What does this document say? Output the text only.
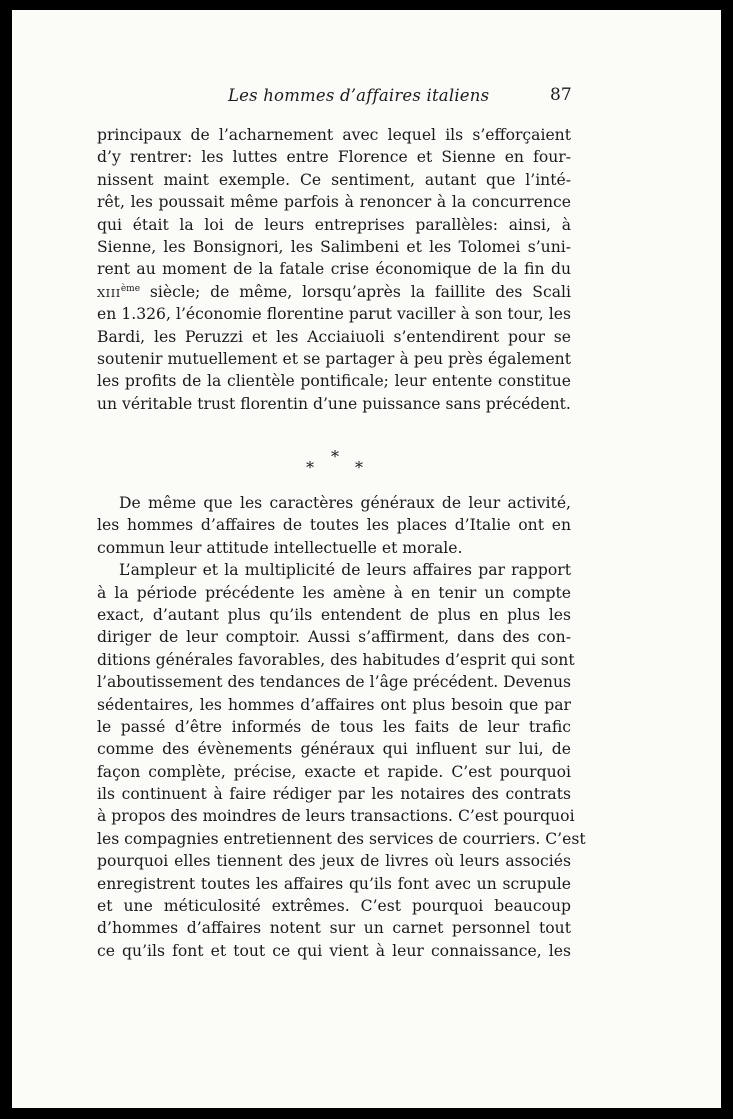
Les hommes d’affaires italiens	87
principaux de l’acharnement avec lequel ils s’efforçaient
d’y rentrer: les luttes entre Florence et Sienne en four-
nissent maint exemple. Ce sentiment, autant que l’inté-
rêt, les poussait même parfois à renoncer à la concurrence
qui était la loi de leurs entreprises parallèles: ainsi, à
Sienne, les Bonsignori, les Salimbeni et les Tolomei s’uni-
rent au moment de la fatale crise économique de la fin du
XIIIème siècle; de même, lorsqu’après la faillite des Scali
en 1.326, l’économie florentine parut vaciller à son tour, les
Bardi, les Peruzzi et les Acciaiuoli s’entendirent pour se
soutenir mutuellement et se partager à peu près également
les profits de la clientèle pontificale; leur entente constitue
un véritable trust florentin d’une puissance sans précédent.
*
*	*
De même que les caractères généraux de leur activité,
les hommes d’affaires de toutes les places d’Italie ont en
commun leur attitude intellectuelle et morale.
L’ampleur et la multiplicité de leurs affaires par rapport
à la période précédente les amène à en tenir un compte
exact, d’autant plus qu’ils entendent de plus en plus les
diriger de leur comptoir. Aussi s’affirment, dans des con-
ditions générales favorables, des habitudes d’esprit qui sont
l’aboutissement des tendances de l’âge précédent. Devenus
sédentaires, les hommes d’affaires ont plus besoin que par
le passé d’être informés de tous les faits de leur trafic
comme des évènements généraux qui influent sur lui, de
façon complète, précise, exacte et rapide. C’est pourquoi
ils continuent à faire rédiger par les notaires des contrats
à propos des moindres de leurs transactions. C’est pourquoi
les compagnies entretiennent des services de courriers. C’est
pourquoi elles tiennent des jeux de livres où leurs associés
enregistrent toutes les affaires qu’ils font avec un scrupule
et une méticulosité extrêmes. C’est pourquoi beaucoup
d’hommes d’affaires notent sur un carnet personnel tout
ce qu’ils font et tout ce qui vient à leur connaissance, les
